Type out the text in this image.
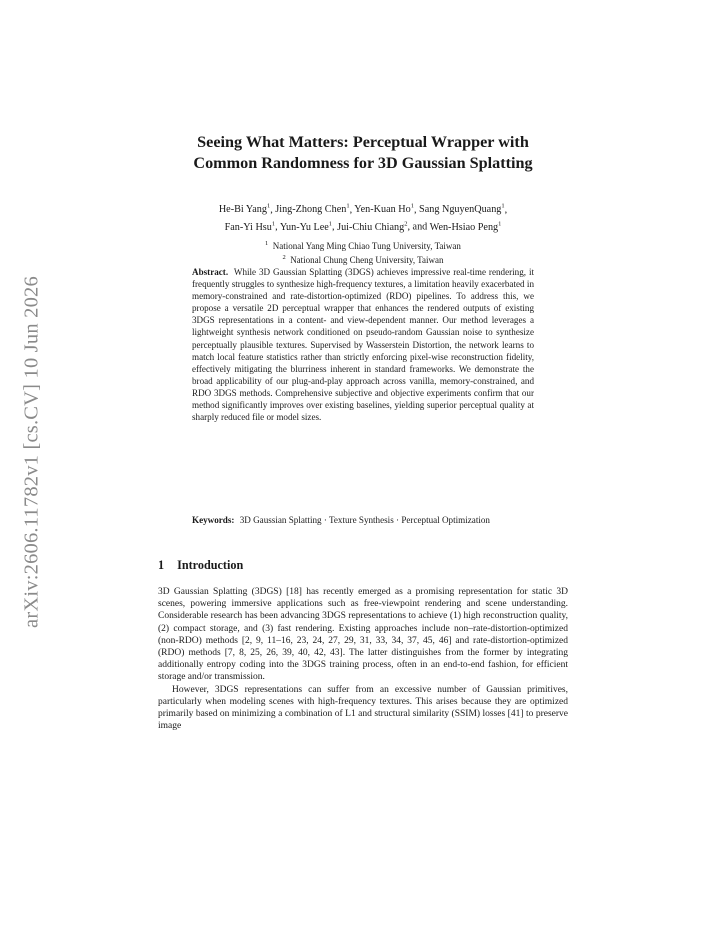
arXiv:2606.11782v1 [cs.CV] 10 Jun 2026
Seeing What Matters: Perceptual Wrapper with
Common Randomness for 3D Gaussian Splatting

He-Bi Yang$^1$, Jing-Zhong Chen$^1$, Yen-Kuan Ho$^1$, Sang NguyenQuang$^1$,
Fan-Yi Hsu$^1$, Yun-Yu Lee$^1$, Jui-Chiu Chiang$^2$, and Wen-Hsiao Peng$^1$

$^1$ National Yang Ming Chiao Tung University, Taiwan
$^2$ National Chung Cheng University, Taiwan

Abstract. While 3D Gaussian Splatting (3DGS) achieves impressive real-time rendering, it frequently struggles to synthesize high-frequency textures, a limitation heavily exacerbated in memory-constrained and rate-distortion-optimized (RDO) pipelines. To address this, we propose a versatile 2D perceptual wrapper that enhances the rendered outputs of existing 3DGS representations in a content- and view-dependent manner. Our method leverages a lightweight synthesis network conditioned on pseudo-random Gaussian noise to synthesize perceptually plausible textures. Supervised by Wasserstein Distortion, the network learns to match local feature statistics rather than strictly enforcing pixel-wise reconstruction fidelity, effectively mitigating the blurriness inherent in standard frameworks. We demonstrate the broad applicability of our plug-and-play approach across vanilla, memory-constrained, and RDO 3DGS methods. Comprehensive subjective and objective experiments confirm that our method significantly improves over existing baselines, yielding superior perceptual quality at sharply reduced file or model sizes.

Keywords: 3D Gaussian Splatting · Texture Synthesis · Perceptual Optimization

1 Introduction

3D Gaussian Splatting (3DGS) [18] has recently emerged as a promising representation for static 3D scenes, powering immersive applications such as free-viewpoint rendering and scene understanding. Considerable research has been advancing 3DGS representations to achieve (1) high reconstruction quality, (2) compact storage, and (3) fast rendering. Existing approaches include non–rate-distortion-optimized (non-RDO) methods [2, 9, 11–16, 23, 24, 27, 29, 31, 33, 34, 37, 45, 46] and rate-distortion-optimized (RDO) methods [7, 8, 25, 26, 39, 40, 42, 43]. The latter distinguishes from the former by integrating additionally entropy coding into the 3DGS training process, often in an end-to-end fashion, for efficient storage and/or transmission.

However, 3DGS representations can suffer from an excessive number of Gaussian primitives, particularly when modeling scenes with high-frequency textures. This arises because they are optimized primarily based on minimizing a combination of L1 and structural similarity (SSIM) losses [41] to preserve image
